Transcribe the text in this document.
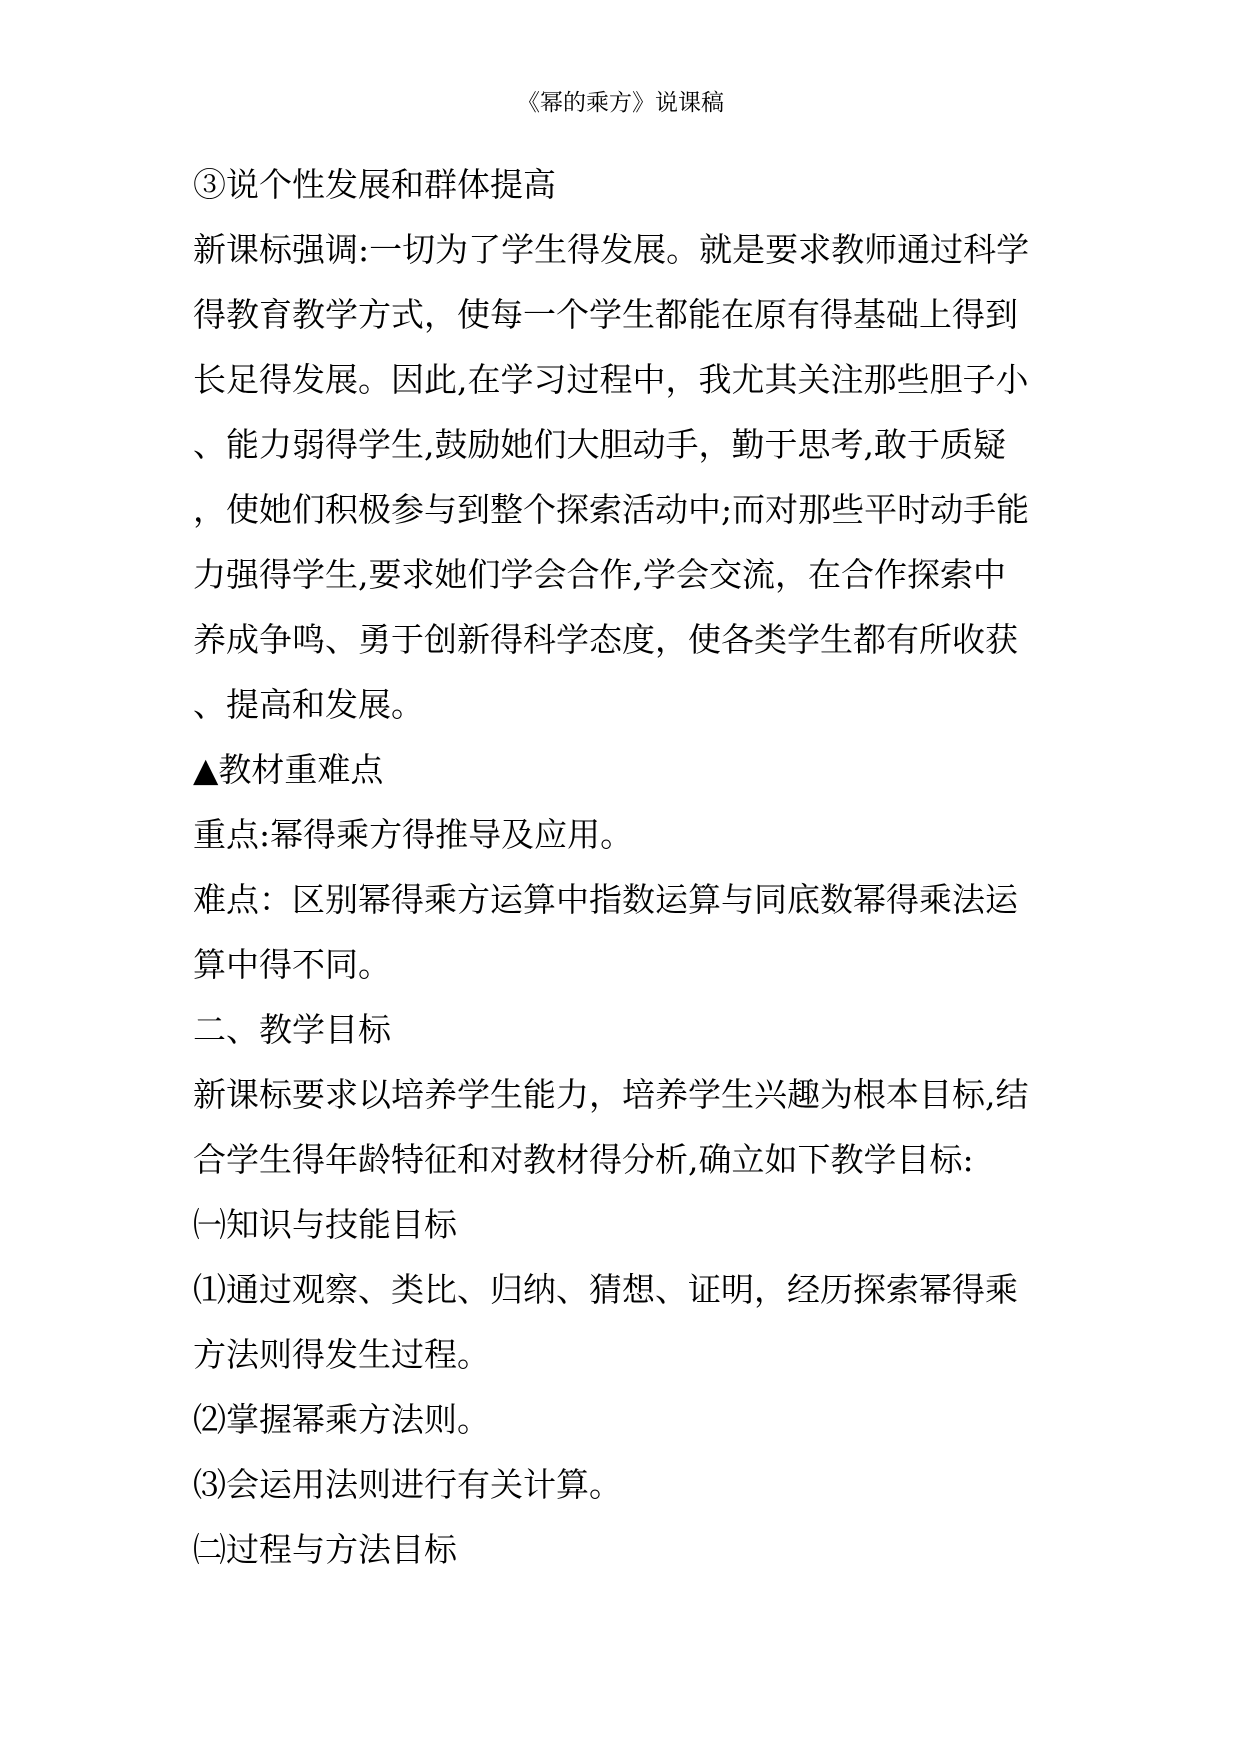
《幂的乘方》说课稿

③说个性发展和群体提高

新课标强调:一切为了学生得发展。就是要求教师通过科学

得教育教学方式，使每一个学生都能在原有得基础上得到

长足得发展。因此,在学习过程中，我尤其关注那些胆子小

、能力弱得学生,鼓励她们大胆动手，勤于思考,敢于质疑

，使她们积极参与到整个探索活动中;而对那些平时动手能

力强得学生,要求她们学会合作,学会交流，在合作探索中

养成争鸣、勇于创新得科学态度，使各类学生都有所收获

、提高和发展。

▲教材重难点

重点:幂得乘方得推导及应用。

难点：区别幂得乘方运算中指数运算与同底数幂得乘法运

算中得不同。

二、教学目标

新课标要求以培养学生能力，培养学生兴趣为根本目标,结

合学生得年龄特征和对教材得分析,确立如下教学目标:

㈠知识与技能目标

⑴通过观察、类比、归纳、猜想、证明，经历探索幂得乘

方法则得发生过程。

⑵掌握幂乘方法则。

⑶会运用法则进行有关计算。

㈡过程与方法目标
